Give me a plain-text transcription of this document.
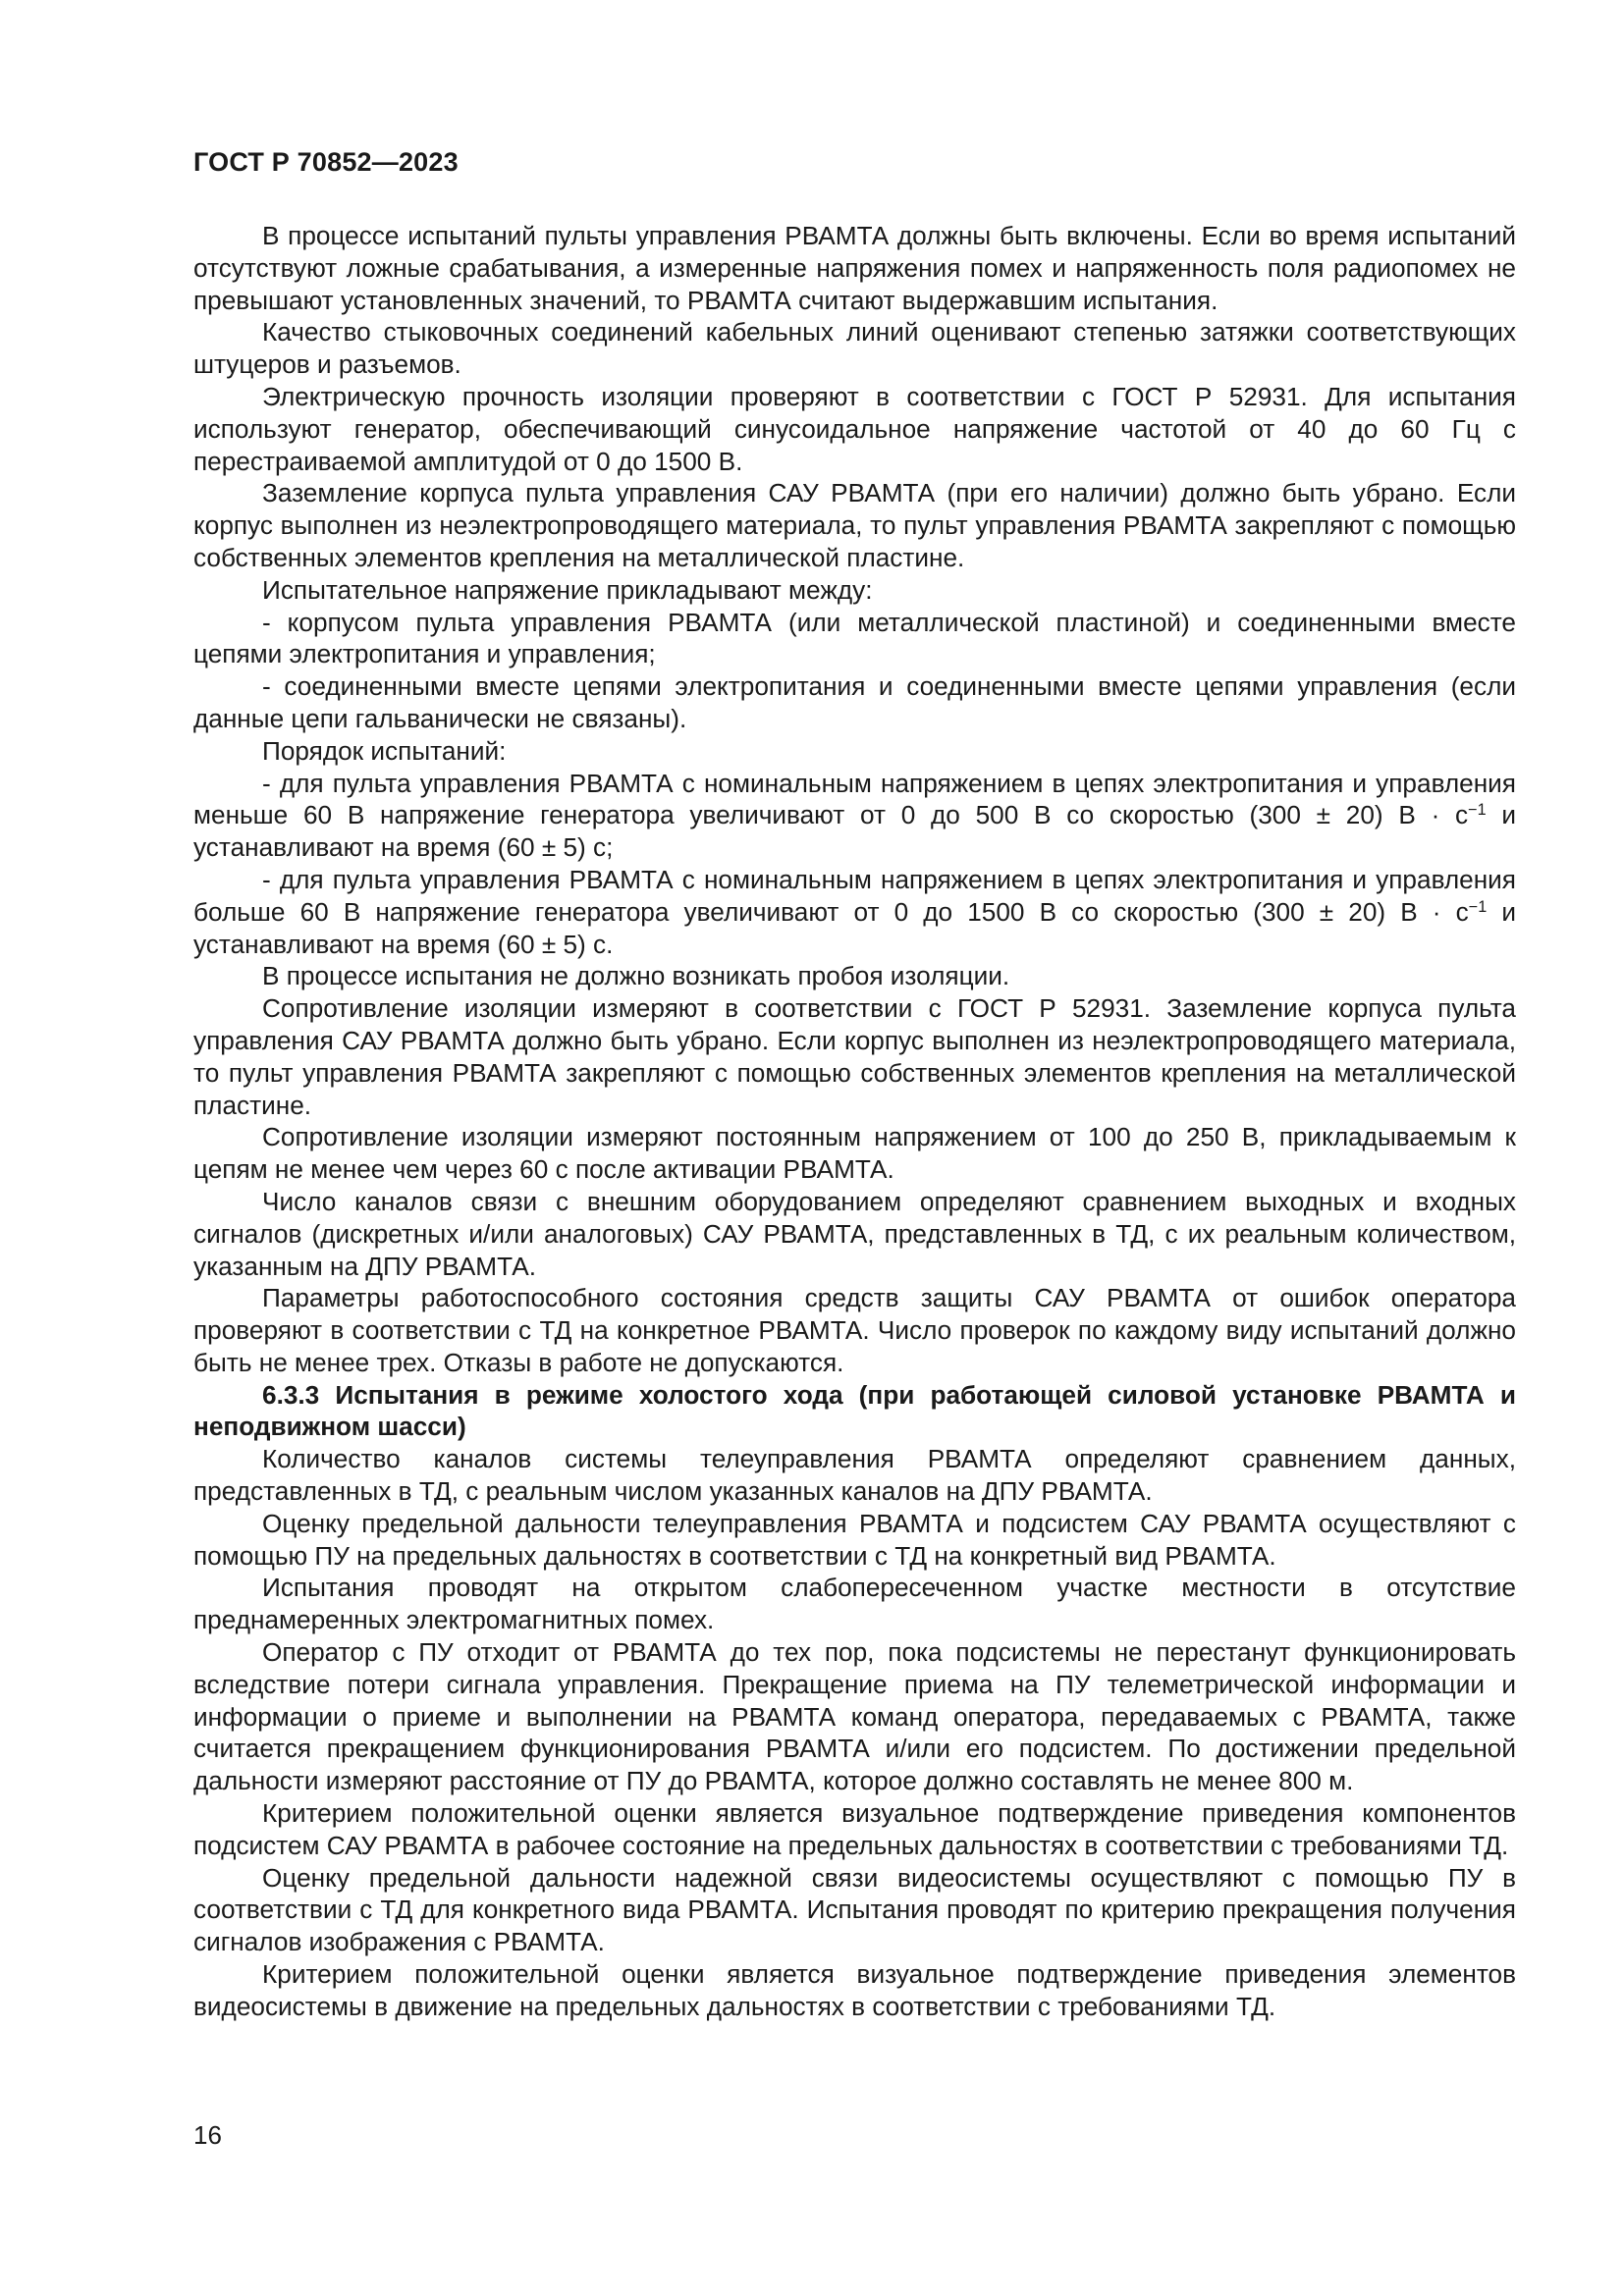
ГОСТ Р 70852—2023

В процессе испытаний пульты управления РВАМТА должны быть включены. Если во время испытаний отсутствуют ложные срабатывания, а измеренные напряжения помех и напряженность поля радиопомех не превышают установленных значений, то РВАМТА считают выдержавшим испытания.

Качество стыковочных соединений кабельных линий оценивают степенью затяжки соответствующих штуцеров и разъемов.

Электрическую прочность изоляции проверяют в соответствии с ГОСТ Р 52931. Для испытания используют генератор, обеспечивающий синусоидальное напряжение частотой от 40 до 60 Гц с перестраиваемой амплитудой от 0 до 1500 В.

Заземление корпуса пульта управления САУ РВАМТА (при его наличии) должно быть убрано. Если корпус выполнен из неэлектропроводящего материала, то пульт управления РВАМТА закрепляют с помощью собственных элементов крепления на металлической пластине.

Испытательное напряжение прикладывают между:

- корпусом пульта управления РВАМТА (или металлической пластиной) и соединенными вместе цепями электропитания и управления;

- соединенными вместе цепями электропитания и соединенными вместе цепями управления (если данные цепи гальванически не связаны).

Порядок испытаний:

- для пульта управления РВАМТА с номинальным напряжением в цепях электропитания и управления меньше 60 В напряжение генератора увеличивают от 0 до 500 В со скоростью (300 ± 20) $В \cdot с^{-1}$ и устанавливают на время (60 ± 5) с;

- для пульта управления РВАМТА с номинальным напряжением в цепях электропитания и управления больше 60 В напряжение генератора увеличивают от 0 до 1500 В со скоростью (300 ± 20) $В \cdot с^{-1}$ и устанавливают на время (60 ± 5) с.

В процессе испытания не должно возникать пробоя изоляции.

Сопротивление изоляции измеряют в соответствии с ГОСТ Р 52931. Заземление корпуса пульта управления САУ РВАМТА должно быть убрано. Если корпус выполнен из неэлектропроводящего материала, то пульт управления РВАМТА закрепляют с помощью собственных элементов крепления на металлической пластине.

Сопротивление изоляции измеряют постоянным напряжением от 100 до 250 В, прикладываемым к цепям не менее чем через 60 с после активации РВАМТА.

Число каналов связи с внешним оборудованием определяют сравнением выходных и входных сигналов (дискретных и/или аналоговых) САУ РВАМТА, представленных в ТД, с их реальным количеством, указанным на ДПУ РВАМТА.

Параметры работоспособного состояния средств защиты САУ РВАМТА от ошибок оператора проверяют в соответствии с ТД на конкретное РВАМТА. Число проверок по каждому виду испытаний должно быть не менее трех. Отказы в работе не допускаются.

6.3.3 Испытания в режиме холостого хода (при работающей силовой установке РВАМТА и неподвижном шасси)

Количество каналов системы телеуправления РВАМТА определяют сравнением данных, представленных в ТД, с реальным числом указанных каналов на ДПУ РВАМТА.

Оценку предельной дальности телеуправления РВАМТА и подсистем САУ РВАМТА осуществляют с помощью ПУ на предельных дальностях в соответствии с ТД на конкретный вид РВАМТА.

Испытания проводят на открытом слабопересеченном участке местности в отсутствие преднамеренных электромагнитных помех.

Оператор с ПУ отходит от РВАМТА до тех пор, пока подсистемы не перестанут функционировать вследствие потери сигнала управления. Прекращение приема на ПУ телеметрической информации и информации о приеме и выполнении на РВАМТА команд оператора, передаваемых с РВАМТА, также считается прекращением функционирования РВАМТА и/или его подсистем. По достижении предельной дальности измеряют расстояние от ПУ до РВАМТА, которое должно составлять не менее 800 м.

Критерием положительной оценки является визуальное подтверждение приведения компонентов подсистем САУ РВАМТА в рабочее состояние на предельных дальностях в соответствии с требованиями ТД.

Оценку предельной дальности надежной связи видеосистемы осуществляют с помощью ПУ в соответствии с ТД для конкретного вида РВАМТА. Испытания проводят по критерию прекращения получения сигналов изображения с РВАМТА.

Критерием положительной оценки является визуальное подтверждение приведения элементов видеосистемы в движение на предельных дальностях в соответствии с требованиями ТД.

16
